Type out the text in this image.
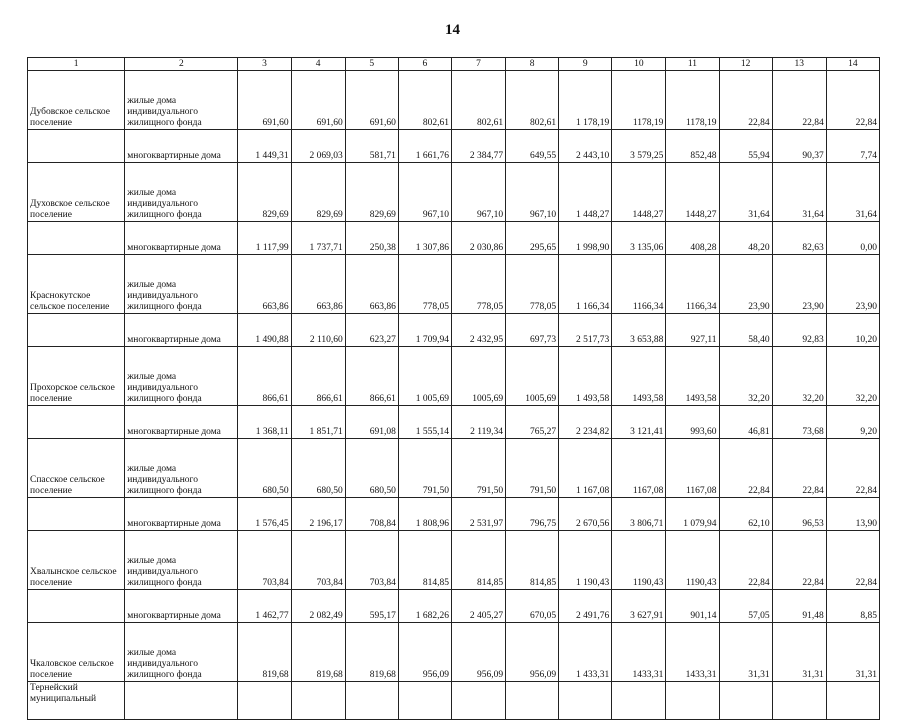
14
1	2	3	4	5	6	7	8	9	10	11	12	13	14
Дубовское сельское поселение	жилые дома индивидуального жилищного фонда	691,60	691,60	691,60	802,61	802,61	802,61	1 178,19	1178,19	1178,19	22,84	22,84	22,84
	многоквартирные дома	1 449,31	2 069,03	581,71	1 661,76	2 384,77	649,55	2 443,10	3 579,25	852,48	55,94	90,37	7,74
Духовское сельское поселение	жилые дома индивидуального жилищного фонда	829,69	829,69	829,69	967,10	967,10	967,10	1 448,27	1448,27	1448,27	31,64	31,64	31,64
	многоквартирные дома	1 117,99	1 737,71	250,38	1 307,86	2 030,86	295,65	1 998,90	3 135,06	408,28	48,20	82,63	0,00
Краснокутское сельское поселение	жилые дома индивидуального жилищного фонда	663,86	663,86	663,86	778,05	778,05	778,05	1 166,34	1166,34	1166,34	23,90	23,90	23,90
	многоквартирные дома	1 490,88	2 110,60	623,27	1 709,94	2 432,95	697,73	2 517,73	3 653,88	927,11	58,40	92,83	10,20
Прохорское сельское поселение	жилые дома индивидуального жилищного фонда	866,61	866,61	866,61	1 005,69	1005,69	1005,69	1 493,58	1493,58	1493,58	32,20	32,20	32,20
	многоквартирные дома	1 368,11	1 851,71	691,08	1 555,14	2 119,34	765,27	2 234,82	3 121,41	993,60	46,81	73,68	9,20
Спасское сельское поселение	жилые дома индивидуального жилищного фонда	680,50	680,50	680,50	791,50	791,50	791,50	1 167,08	1167,08	1167,08	22,84	22,84	22,84
	многоквартирные дома	1 576,45	2 196,17	708,84	1 808,96	2 531,97	796,75	2 670,56	3 806,71	1 079,94	62,10	96,53	13,90
Хвалынское сельское поселение	жилые дома индивидуального жилищного фонда	703,84	703,84	703,84	814,85	814,85	814,85	1 190,43	1190,43	1190,43	22,84	22,84	22,84
	многоквартирные дома	1 462,77	2 082,49	595,17	1 682,26	2 405,27	670,05	2 491,76	3 627,91	901,14	57,05	91,48	8,85
Чкаловское сельское поселение	жилые дома индивидуального жилищного фонда	819,68	819,68	819,68	956,09	956,09	956,09	1 433,31	1433,31	1433,31	31,31	31,31	31,31
Тернейский муниципальный													
